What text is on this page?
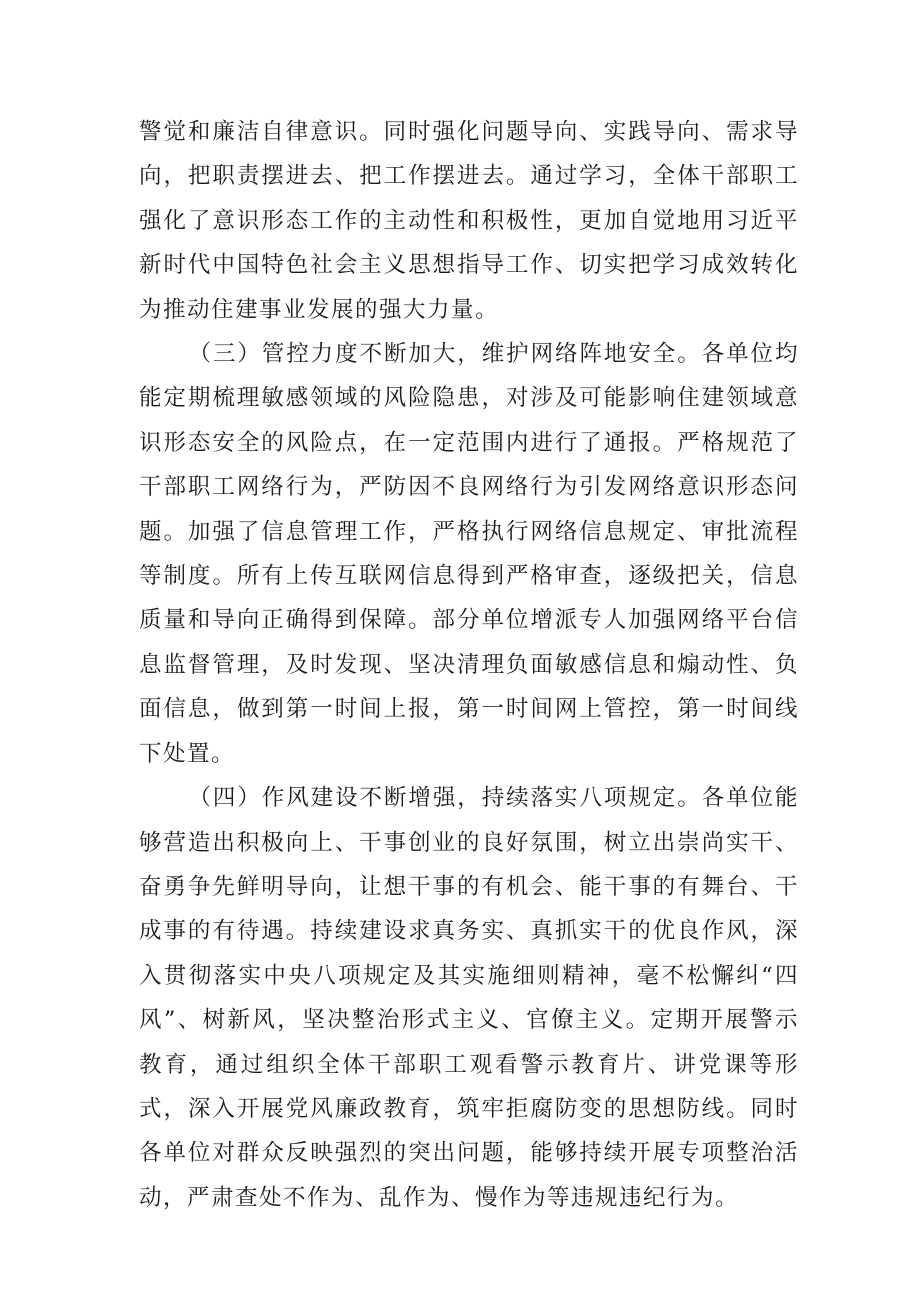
警觉和廉洁自律意识。同时强化问题导向、实践导向、需求导向，把职责摆进去、把工作摆进去。通过学习，全体干部职工强化了意识形态工作的主动性和积极性，更加自觉地用习近平新时代中国特色社会主义思想指导工作、切实把学习成效转化为推动住建事业发展的强大力量。

（三）管控力度不断加大，维护网络阵地安全。各单位均能定期梳理敏感领域的风险隐患，对涉及可能影响住建领域意识形态安全的风险点，在一定范围内进行了通报。严格规范了干部职工网络行为，严防因不良网络行为引发网络意识形态问题。加强了信息管理工作，严格执行网络信息规定、审批流程等制度。所有上传互联网信息得到严格审查，逐级把关，信息质量和导向正确得到保障。部分单位增派专人加强网络平台信息监督管理，及时发现、坚决清理负面敏感信息和煽动性、负面信息，做到第一时间上报，第一时间网上管控，第一时间线下处置。

（四）作风建设不断增强，持续落实八项规定。各单位能够营造出积极向上、干事创业的良好氛围，树立出崇尚实干、奋勇争先鲜明导向，让想干事的有机会、能干事的有舞台、干成事的有待遇。持续建设求真务实、真抓实干的优良作风，深入贯彻落实中央八项规定及其实施细则精神，毫不松懈纠“四风”、树新风，坚决整治形式主义、官僚主义。定期开展警示教育，通过组织全体干部职工观看警示教育片、讲党课等形式，深入开展党风廉政教育，筑牢拒腐防变的思想防线。同时各单位对群众反映强烈的突出问题，能够持续开展专项整治活动，严肃查处不作为、乱作为、慢作为等违规违纪行为。
